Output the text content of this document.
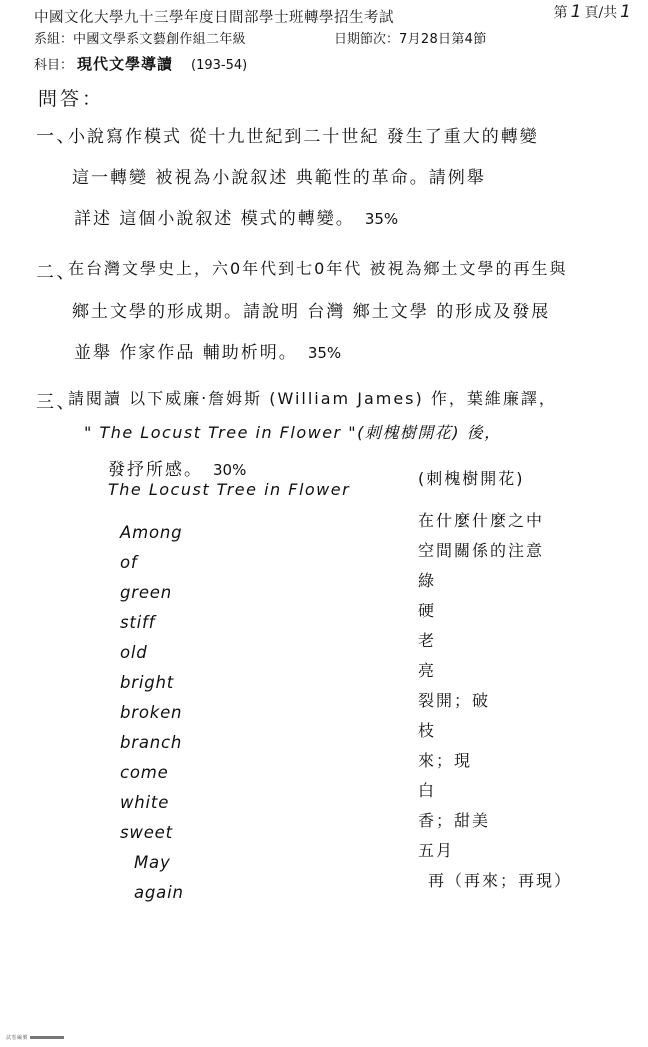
中國文化大學九十三學年度日間部學士班轉學招生考試	第 1 頁/共 1
系組：中國文學系文藝創作組二年級	日期節次：7月28日第4節
科目： 現代文學導讀 (193-54)
問答：
一、
小說寫作模式 從十九世紀到二十世紀 發生了重大的轉變
這一轉變 被視為小說叙述 典範性的革命。請例舉
詳述 這個小說叙述 模式的轉變。 35%
二、
在台灣文學史上，六0年代到七0年代 被視為鄉土文學的再生與
鄉土文學的形成期。請說明 台灣 鄉土文學 的形成及發展
並舉 作家作品 輔助析明。 35%
三、
請閱讀 以下威廉‧詹姆斯 (William James) 作，葉維廉譯，
" The Locust Tree in Flower "(刺槐樹開花) 後，
發抒所感。 30%
The Locust Tree in Flower
(刺槐樹開花)
Among
of
green
stiff
old
bright
broken
branch
come
white
sweet
May
again
在什麼什麼之中
空間關係的注意
綠
硬
老
亮
裂開；破
枝
來；現
白
香；甜美
五月
再（再來；再現）
試卷編號
